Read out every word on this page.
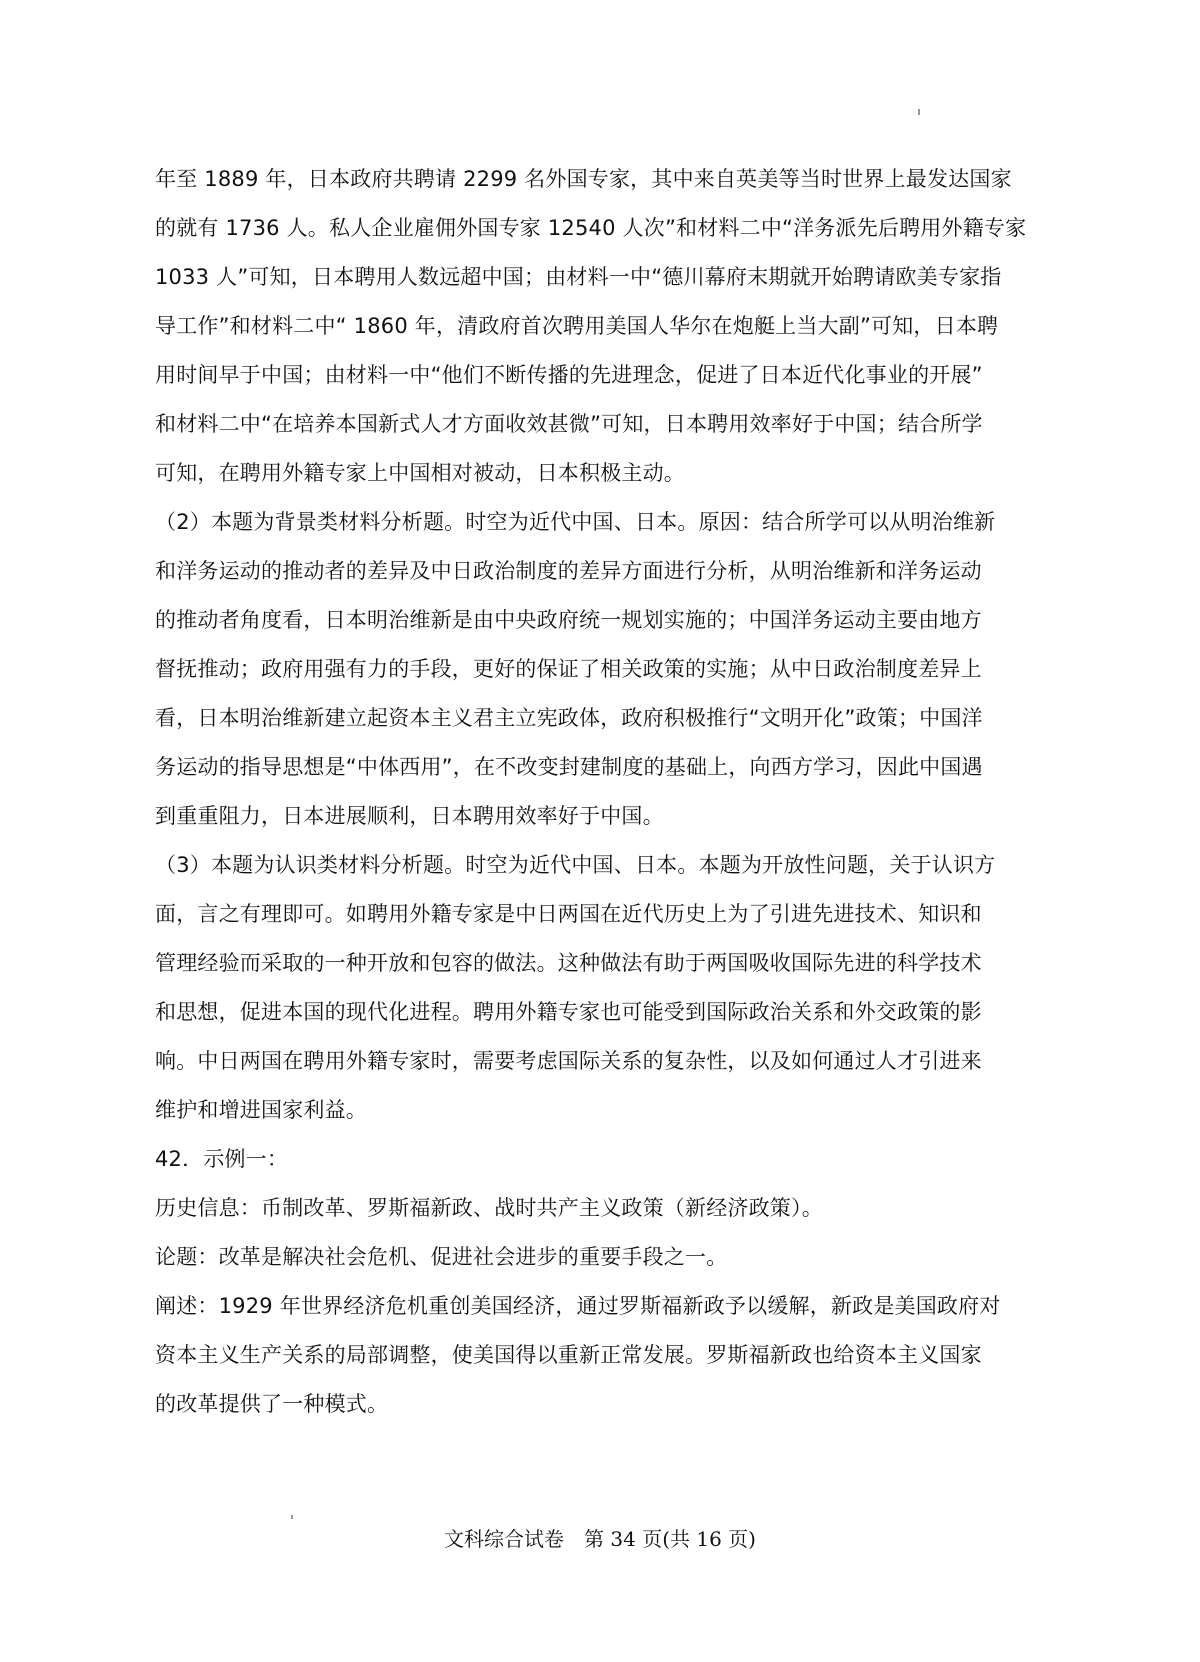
年至 1889 年，日本政府共聘请 2299 名外国专家，其中来自英美等当时世界上最发达国家
的就有 1736 人。私人企业雇佣外国专家 12540 人次”和材料二中“洋务派先后聘用外籍专家
1033 人”可知，日本聘用人数远超中国；由材料一中“德川幕府末期就开始聘请欧美专家指
导工作”和材料二中“ 1860 年，清政府首次聘用美国人华尔在炮艇上当大副”可知，日本聘
用时间早于中国；由材料一中“他们不断传播的先进理念，促进了日本近代化事业的开展”
和材料二中“在培养本国新式人才方面收效甚微”可知，日本聘用效率好于中国；结合所学
可知，在聘用外籍专家上中国相对被动，日本积极主动。
（2）本题为背景类材料分析题。时空为近代中国、日本。原因：结合所学可以从明治维新
和洋务运动的推动者的差异及中日政治制度的差异方面进行分析，从明治维新和洋务运动
的推动者角度看，日本明治维新是由中央政府统一规划实施的；中国洋务运动主要由地方
督抚推动；政府用强有力的手段，更好的保证了相关政策的实施；从中日政治制度差异上
看，日本明治维新建立起资本主义君主立宪政体，政府积极推行“文明开化”政策；中国洋
务运动的指导思想是“中体西用”，在不改变封建制度的基础上，向西方学习，因此中国遇
到重重阻力，日本进展顺利，日本聘用效率好于中国。
（3）本题为认识类材料分析题。时空为近代中国、日本。本题为开放性问题，关于认识方
面，言之有理即可。如聘用外籍专家是中日两国在近代历史上为了引进先进技术、知识和
管理经验而采取的一种开放和包容的做法。这种做法有助于两国吸收国际先进的科学技术
和思想，促进本国的现代化进程。聘用外籍专家也可能受到国际政治关系和外交政策的影
响。中日两国在聘用外籍专家时，需要考虑国际关系的复杂性，以及如何通过人才引进来
维护和增进国家利益。
42．示例一：
历史信息：币制改革、罗斯福新政、战时共产主义政策（新经济政策）。
论题：改革是解决社会危机、促进社会进步的重要手段之一。
阐述：1929 年世界经济危机重创美国经济，通过罗斯福新政予以缓解，新政是美国政府对
资本主义生产关系的局部调整，使美国得以重新正常发展。罗斯福新政也给资本主义国家
的改革提供了一种模式。

文科综合试卷　第 34 页(共 16 页)
